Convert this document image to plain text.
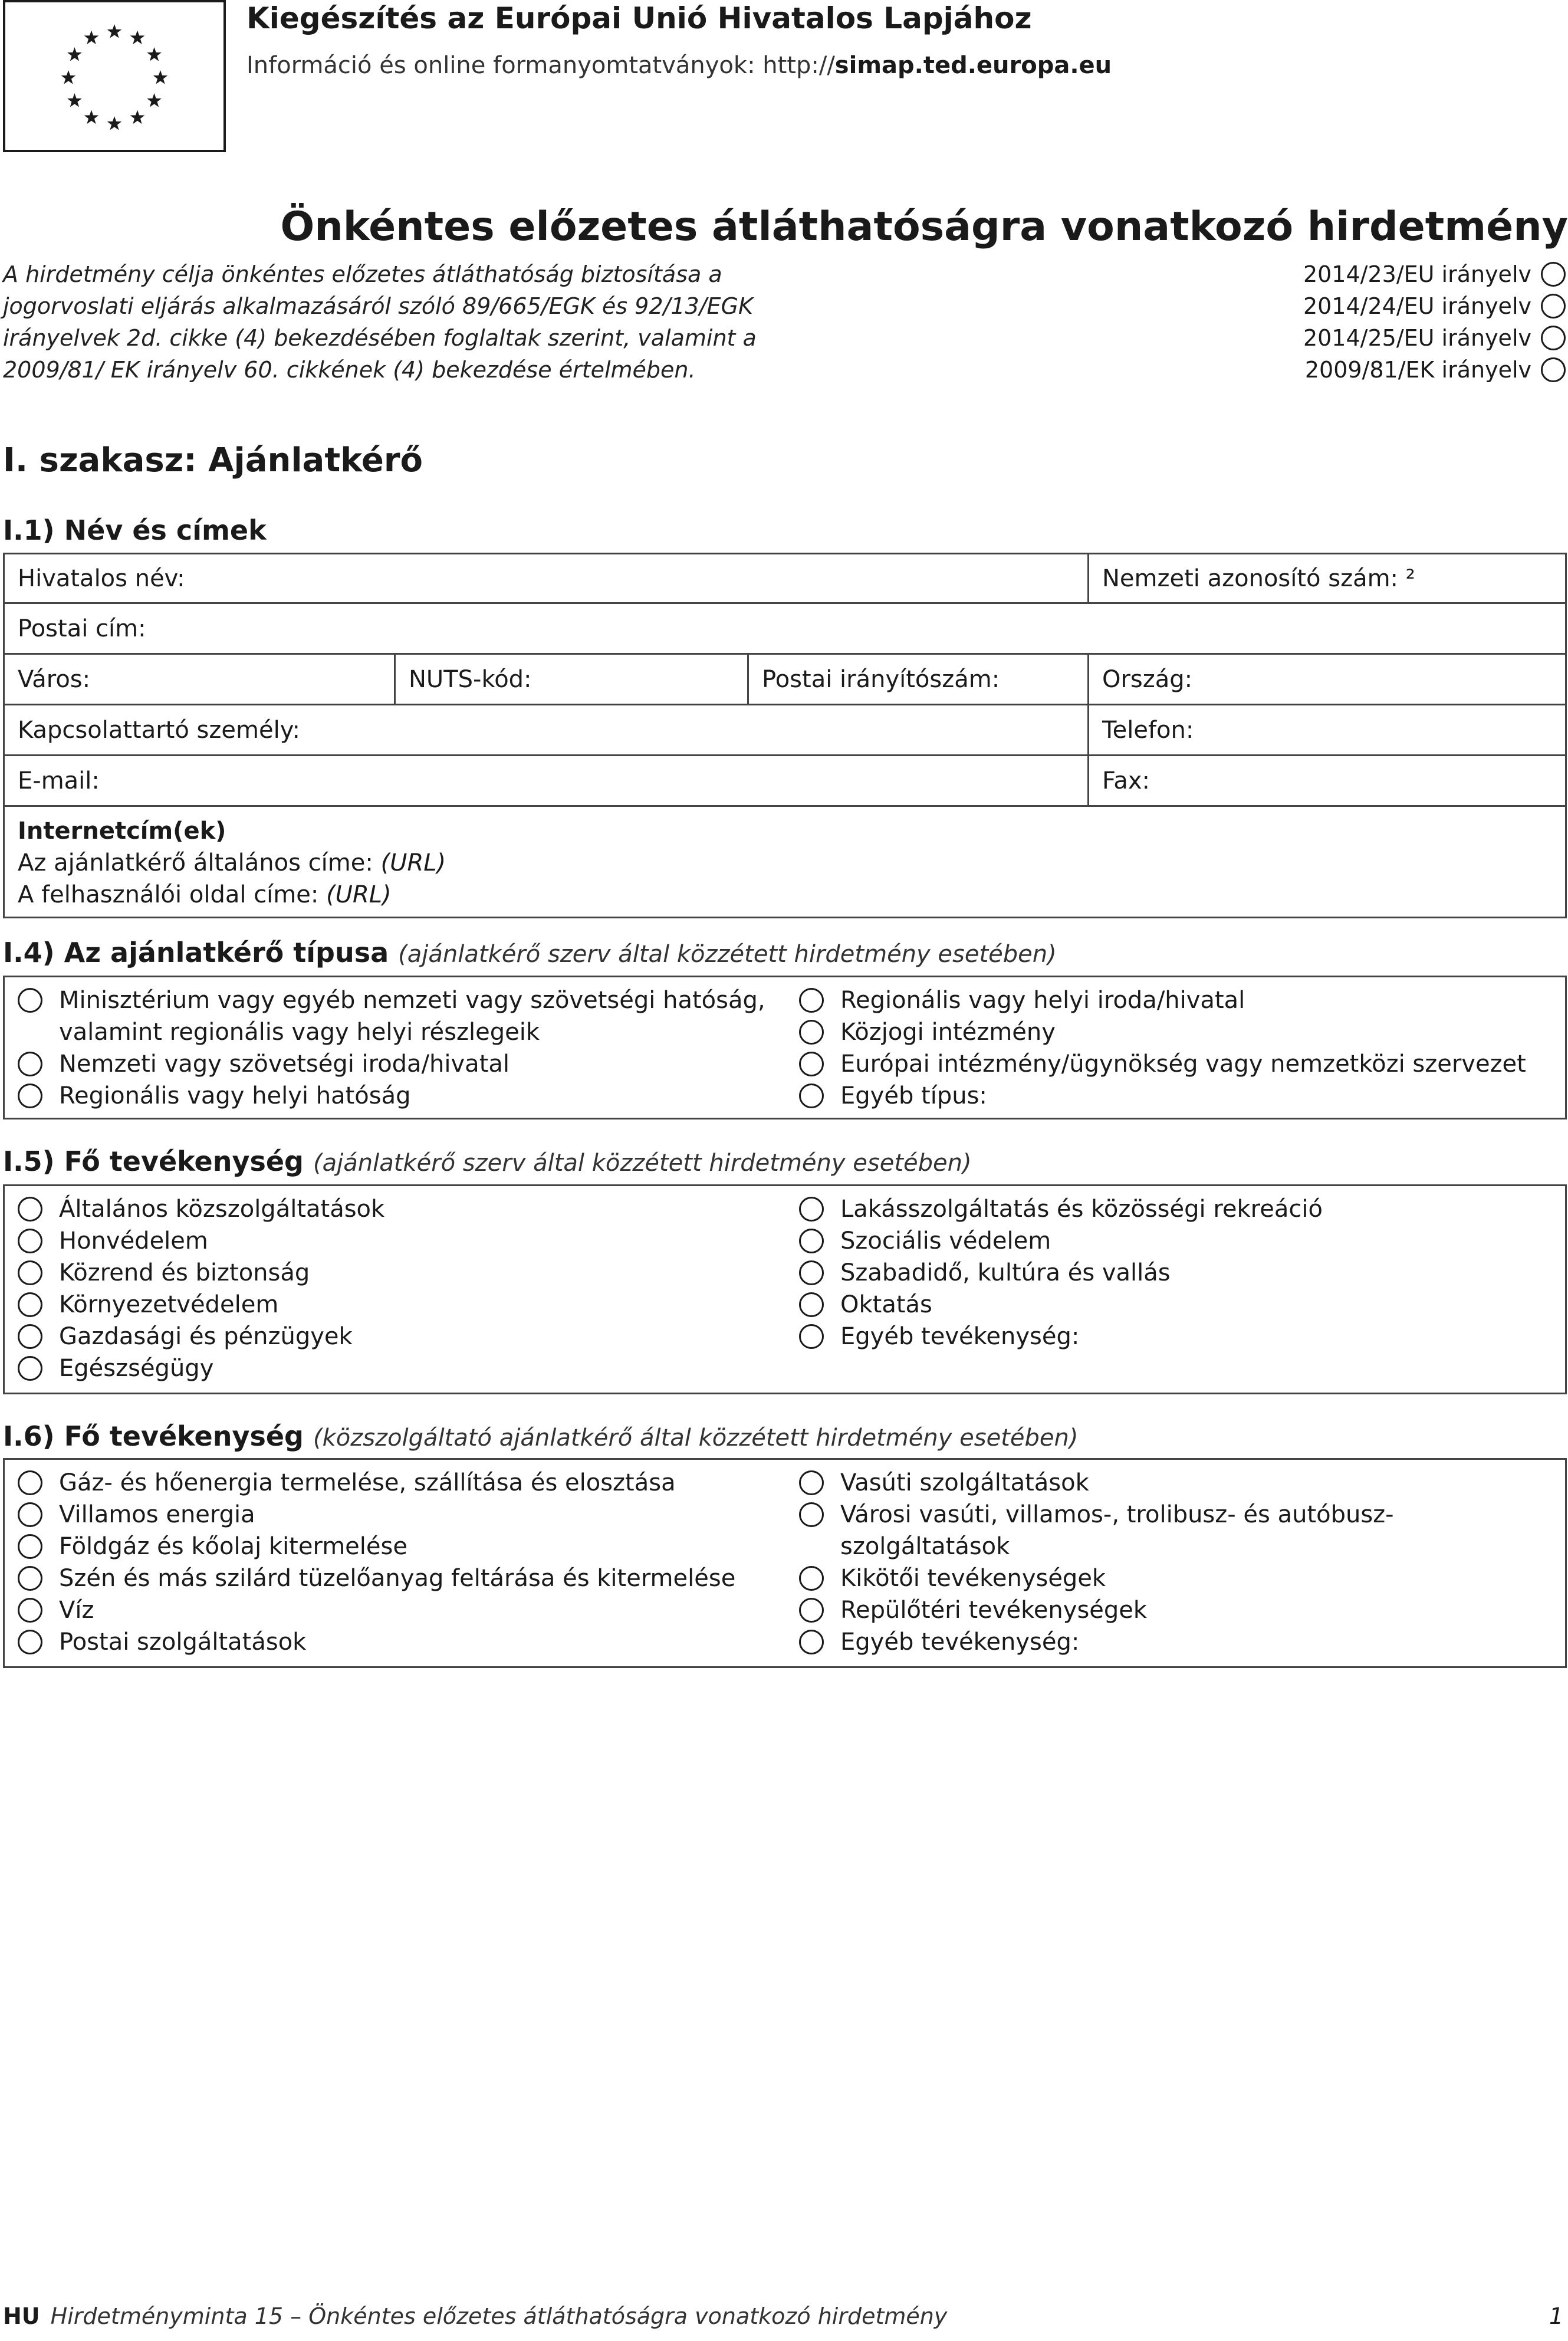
Kiegészítés az Európai Unió Hivatalos Lapjához
Információ és online formanyomtatványok: http://simap.ted.europa.eu
Önkéntes előzetes átláthatóságra vonatkozó hirdetmény
A hirdetmény célja önkéntes előzetes átláthatóság biztosítása a jogorvoslati eljárás alkalmazásáról szóló 89/665/EGK és 92/13/EGK irányelvek 2d. cikke (4) bekezdésében foglaltak szerint, valamint a 2009/81/ EK irányelv 60. cikkének (4) bekezdése értelmében.
2014/23/EU irányelv
2014/24/EU irányelv
2014/25/EU irányelv
2009/81/EK irányelv
I. szakasz: Ajánlatkérő
I.1) Név és címek
Hivatalos név:	Nemzeti azonosító szám: ²
Postai cím:
Város:	NUTS-kód:	Postai irányítószám:	Ország:
Kapcsolattartó személy:	Telefon:
E-mail:	Fax:
Internetcím(ek)
Az ajánlatkérő általános címe: (URL)
A felhasználói oldal címe: (URL)
I.4) Az ajánlatkérő típusa (ajánlatkérő szerv által közzétett hirdetmény esetében)
Minisztérium vagy egyéb nemzeti vagy szövetségi hatóság, valamint regionális vagy helyi részlegeik
Nemzeti vagy szövetségi iroda/hivatal
Regionális vagy helyi hatóság
Regionális vagy helyi iroda/hivatal
Közjogi intézmény
Európai intézmény/ügynökség vagy nemzetközi szervezet
Egyéb típus:
I.5) Fő tevékenység (ajánlatkérő szerv által közzétett hirdetmény esetében)
Általános közszolgáltatások
Honvédelem
Közrend és biztonság
Környezetvédelem
Gazdasági és pénzügyek
Egészségügy
Lakásszolgáltatás és közösségi rekreáció
Szociális védelem
Szabadidő, kultúra és vallás
Oktatás
Egyéb tevékenység:
I.6) Fő tevékenység (közszolgáltató ajánlatkérő által közzétett hirdetmény esetében)
Gáz- és hőenergia termelése, szállítása és elosztása
Villamos energia
Földgáz és kőolaj kitermelése
Szén és más szilárd tüzelőanyag feltárása és kitermelése
Víz
Postai szolgáltatások
Vasúti szolgáltatások
Városi vasúti, villamos-, trolibusz- és autóbusz-szolgáltatások
Kikötői tevékenységek
Repülőtéri tevékenységek
Egyéb tevékenység:
HU Hirdetményminta 15 – Önkéntes előzetes átláthatóságra vonatkozó hirdetmény	1
